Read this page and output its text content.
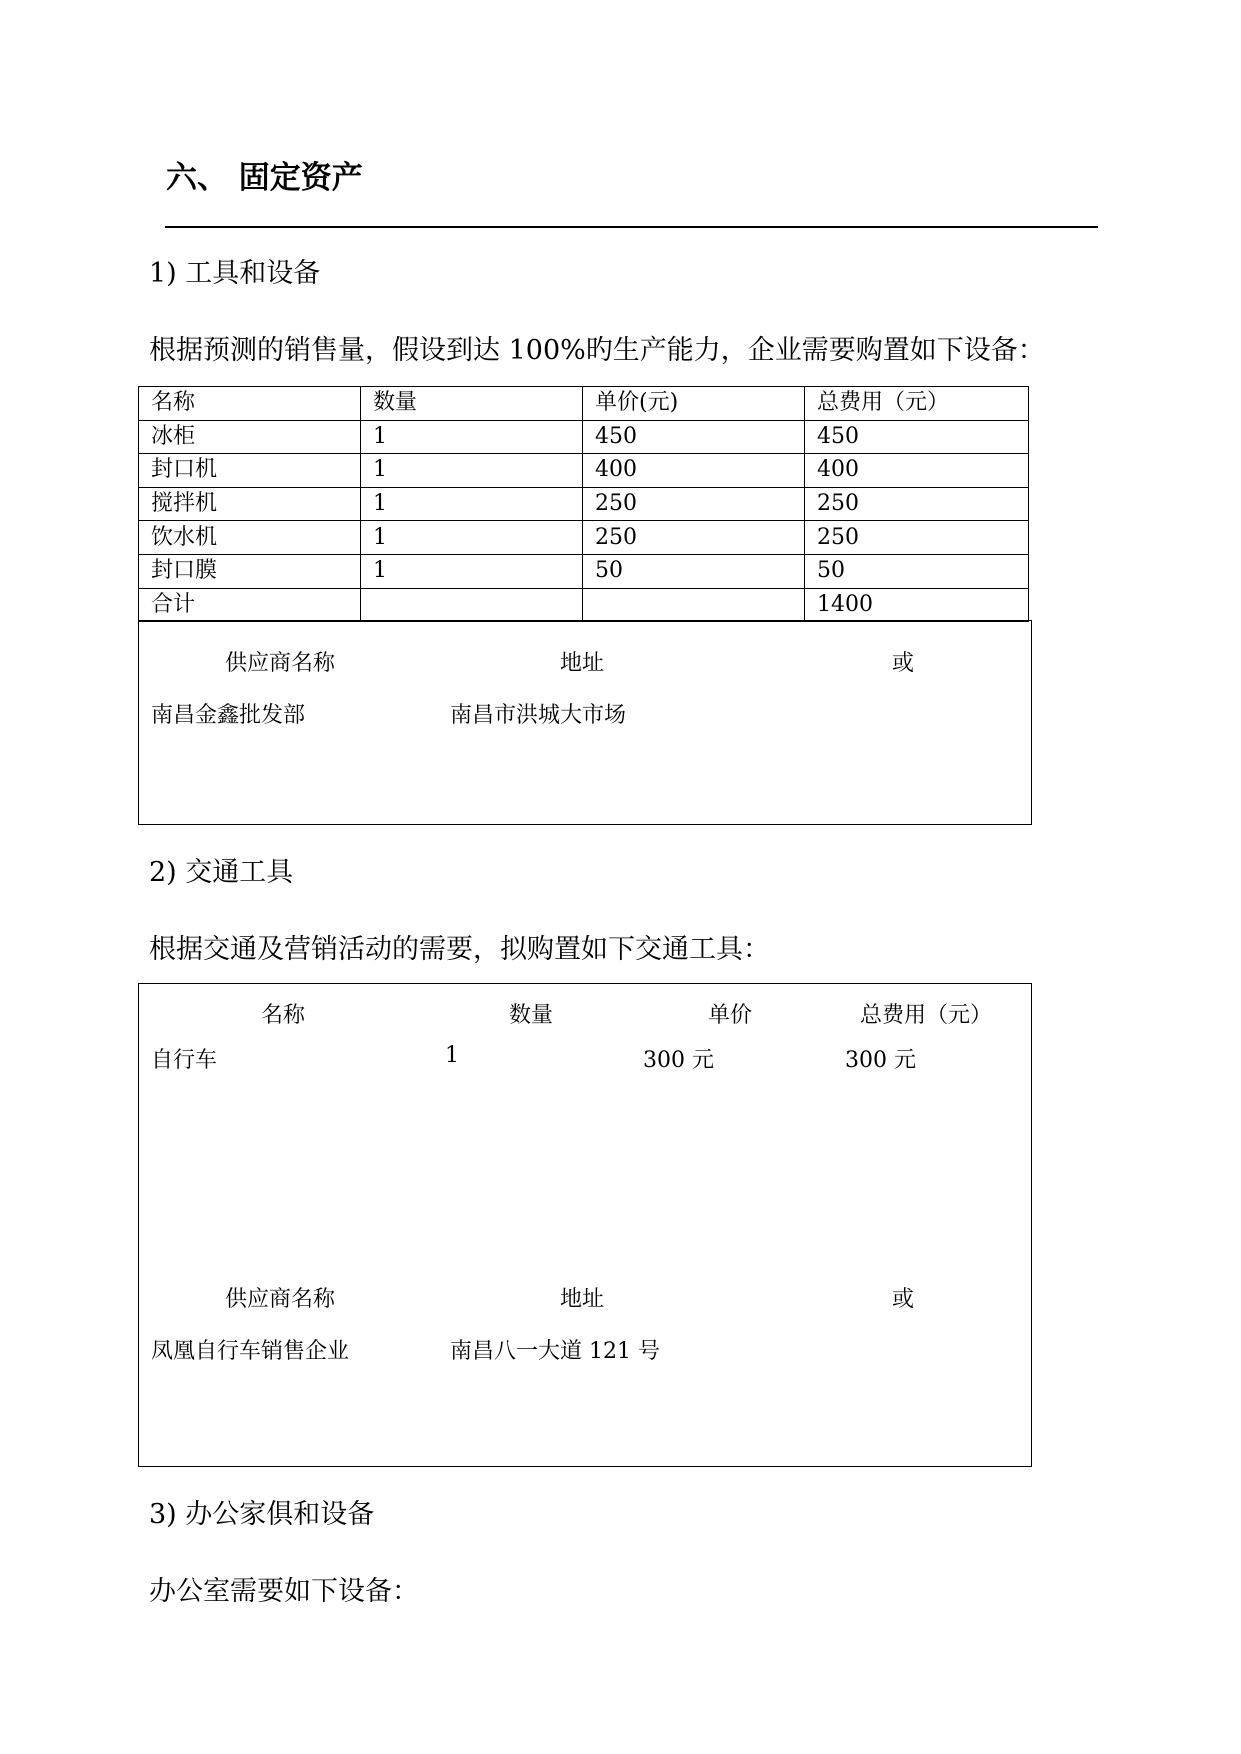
六、 固定资产
1) 工具和设备
根据预测的销售量，假设到达 100%旳生产能力，企业需要购置如下设备：
名称	数量	单价(元)	总费用（元）
冰柜	1	450	450
封口机	1	400	400
搅拌机	1	250	250
饮水机	1	250	250
封口膜	1	50	50
合计			1400
供应商名称	地址	或
南昌金鑫批发部	南昌市洪城大市场
2) 交通工具
根据交通及营销活动的需要，拟购置如下交通工具：
名称	数量	单价	总费用（元）
自行车	1	300 元	300 元
供应商名称	地址	或
凤凰自行车销售企业	南昌八一大道 121 号
3) 办公家俱和设备
办公室需要如下设备：
